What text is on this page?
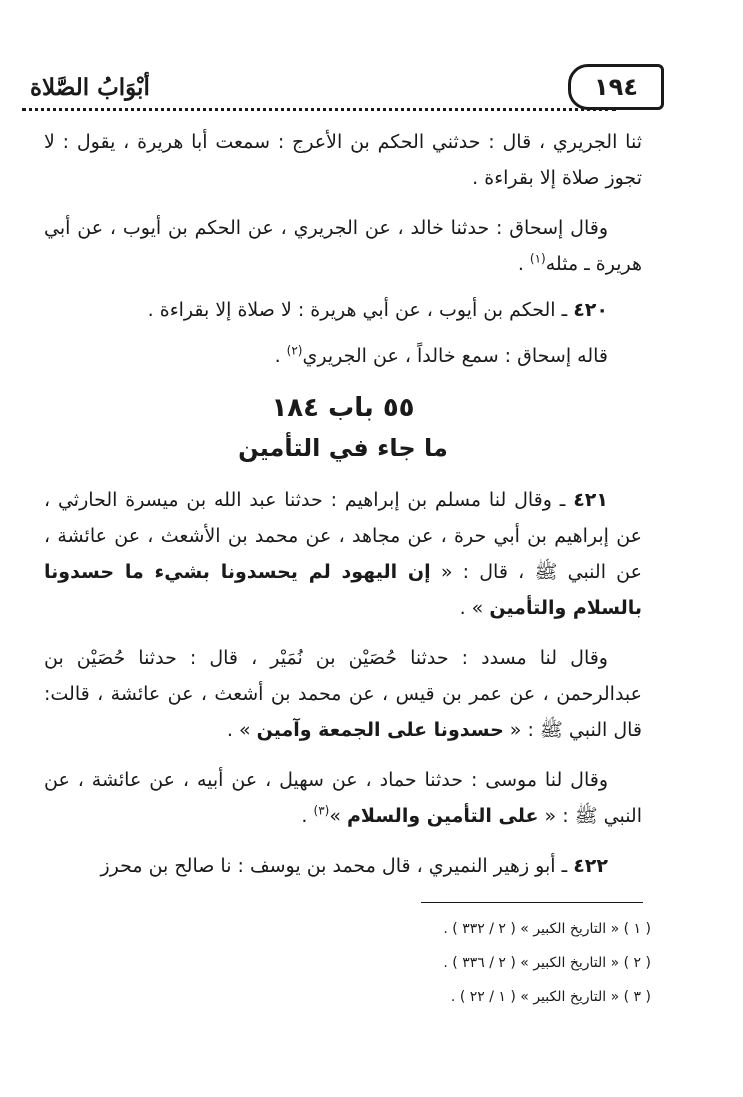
١٩٤
أبْوَابُ الصَّلاة

ثنا الجريري ، قال : حدثني الحكم بن الأعرج : سمعت أبا هريرة ، يقول : لا تجوز صلاة إلا بقراءة .

وقال إسحاق : حدثنا خالد ، عن الجريري ، عن الحكم بن أيوب ، عن أبي هريرة ـ مثله$^{(١)}$ .

٤٢٠ ـ الحكم بن أيوب ، عن أبي هريرة : لا صلاة إلا بقراءة .

قاله إسحاق : سمع خالداً ، عن الجريري$^{(٢)}$ .

٥٥ باب ١٨٤

ما جاء في التأمين

٤٢١ ـ وقال لنا مسلم بن إبراهيم : حدثنا عبد الله بن ميسرة الحارثي ، عن إبراهيم بن أبي حرة ، عن مجاهد ، عن محمد بن الأشعث ، عن عائشة ، عن النبي ﷺ ، قال : « إن اليهود لم يحسدونا بشيء ما حسدونا بالسلام والتأمين » .

وقال لنا مسدد : حدثنا حُصَيْن بن نُمَيْر ، قال : حدثنا حُصَيْن بن عبدالرحمن ، عن عمر بن قيس ، عن محمد بن أشعث ، عن عائشة ، قالت: قال النبي ﷺ : « حسدونا على الجمعة وآمين » .

وقال لنا موسى : حدثنا حماد ، عن سهيل ، عن أبيه ، عن عائشة ، عن النبي ﷺ : « على التأمين والسلام »$^{(٣)}$ .

٤٢٢ ـ أبو زهير النميري ، قال محمد بن يوسف : نا صالح بن محرز

( ١ ) « التاريخ الكبير » ( ٢ / ٣٣٢ ) .

( ٢ ) « التاريخ الكبير » ( ٢ / ٣٣٦ ) .

( ٣ ) « التاريخ الكبير » ( ١ / ٢٢ ) .
